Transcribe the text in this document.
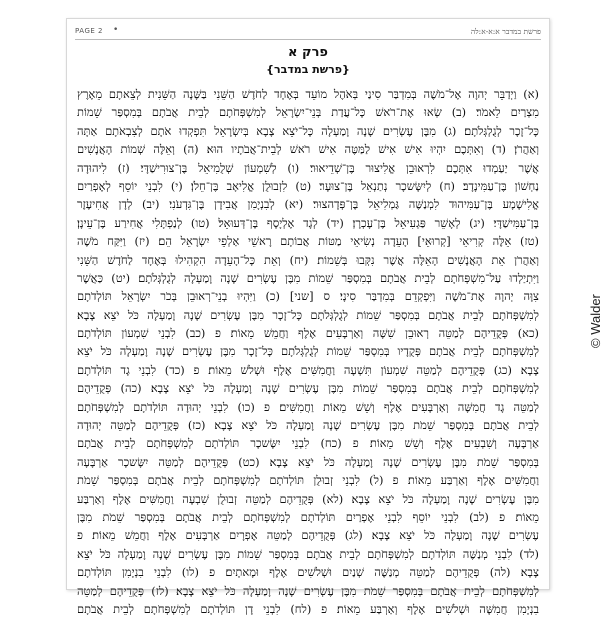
PAGE 2 •	פרשת במדבר א:א-א:לה
פרק א
{פרשת במדבר}
(א) וַיְדַבֵּר יְהוָה אֶל־מֹשֶׁה בְּמִדְבַּר סִינַי בְּאֹהֶל מוֹעֵד בְּאֶחָד לַחֹדֶשׁ הַשֵּׁנִי בַּשָּׁנָה הַשֵּׁנִית לְצֵאתָם מֵאֶרֶץ
מִצְרַיִם לֵאמֹר׃ (ב) שְׂאוּ אֶת־רֹאשׁ כָּל־עֲדַת בְּנֵי־יִשְׂרָאֵל לְמִשְׁפְּחֹתָם לְבֵית אֲבֹתָם בְּמִסְפַּר שֵׁמוֹת
כָּל־זָכָר לְגֻלְגְּלֹתָם׃ (ג) מִבֶּן עֶשְׂרִים שָׁנָה וָמַעְלָה כָּל־יֹצֵא צָבָא בְּיִשְׂרָאֵל תִּפְקְדוּ אֹתָם לְצִבְאֹתָם אַתָּה
וְאַהֲרֹן׃ (ד) וְאִתְּכֶם יִהְיוּ אִישׁ אִישׁ לַמַּטֶּה אִישׁ רֹאשׁ לְבֵית־אֲבֹתָיו הוּא׃ (ה) וְאֵלֶּה שְׁמוֹת הָאֲנָשִׁים
אֲשֶׁר יַעַמְדוּ אִתְּכֶם לִרְאוּבֵן אֱלִיצוּר בֶּן־שְׁדֵיאוּר׃ (ו) לְשִׁמְעוֹן שְׁלֻמִיאֵל בֶּן־צוּרִישַׁדָּי׃ (ז) לִיהוּדָה
נַחְשׁוֹן בֶּן־עַמִּינָדָב׃ (ח) לְיִשָּׂשכָר נְתַנְאֵל בֶּן־צוּעָר׃ (ט) לִזְבוּלֻן אֱלִיאָב בֶּן־חֵלֹן׃ (י) לִבְנֵי יוֹסֵף לְאֶפְרַיִם
אֱלִישָׁמָע בֶּן־עַמִּיהוּד לִמְנַשֶּׁה גַּמְלִיאֵל בֶּן־פְּדָהצוּר׃ (יא) לְבִנְיָמִן אֲבִידָן בֶּן־גִּדְעֹנִי׃ (יב) לְדָן אֲחִיעֶזֶר
בֶּן־עַמִּישַׁדָּי׃ (יג) לְאָשֵׁר פַּגְעִיאֵל בֶּן־עָכְרָן׃ (יד) לְגָד אֶלְיָסָף בֶּן־דְּעוּאֵל׃ (טו) לְנַפְתָּלִי אֲחִירַע בֶּן־עֵינָן׃
(טז) אֵלֶּה קְרִיאֵי [קְרוּאֵי] הָעֵדָה נְשִׂיאֵי מַטּוֹת אֲבוֹתָם רָאשֵׁי אַלְפֵי יִשְׂרָאֵל הֵם׃ (יז) וַיִּקַּח מֹשֶׁה
וְאַהֲרֹן אֵת הָאֲנָשִׁים הָאֵלֶּה אֲשֶׁר נִקְּבוּ בְּשֵׁמוֹת׃ (יח) וְאֵת כָּל־הָעֵדָה הִקְהִילוּ בְּאֶחָד לַחֹדֶשׁ הַשֵּׁנִי
וַיִּתְיַלְדוּ עַל־מִשְׁפְּחֹתָם לְבֵית אֲבֹתָם בְּמִסְפַּר שֵׁמוֹת מִבֶּן עֶשְׂרִים שָׁנָה וָמַעְלָה לְגֻלְגְּלֹתָם׃ (יט) כַּאֲשֶׁר
צִוָּה יְהוָה אֶת־מֹשֶׁה וַיִּפְקְדֵם בְּמִדְבַּר סִינָי׃ ס [שני] (כ) וַיִּהְיוּ בְנֵי־רְאוּבֵן בְּכֹר יִשְׂרָאֵל תּוֹלְדֹתָם
לְמִשְׁפְּחֹתָם לְבֵית אֲבֹתָם בְּמִסְפַּר שֵׁמוֹת לְגֻלְגְּלֹתָם כָּל־זָכָר מִבֶּן עֶשְׂרִים שָׁנָה וָמַעְלָה כֹּל יֹצֵא צָבָא׃
(כא) פְּקֻדֵיהֶם לְמַטֵּה רְאוּבֵן שִׁשָּׁה וְאַרְבָּעִים אֶלֶף וַחֲמֵשׁ מֵאוֹת׃ פ (כב) לִבְנֵי שִׁמְעוֹן תּוֹלְדֹתָם
לְמִשְׁפְּחֹתָם לְבֵית אֲבֹתָם פְּקֻדָיו בְּמִסְפַּר שֵׁמוֹת לְגֻלְגְּלֹתָם כָּל־זָכָר מִבֶּן עֶשְׂרִים שָׁנָה וָמַעְלָה כֹּל יֹצֵא
צָבָא׃ (כג) פְּקֻדֵיהֶם לְמַטֵּה שִׁמְעוֹן תִּשְׁעָה וַחֲמִשִּׁים אֶלֶף וּשְׁלֹשׁ מֵאוֹת׃ פ (כד) לִבְנֵי גָד תּוֹלְדֹתָם
לְמִשְׁפְּחֹתָם לְבֵית אֲבֹתָם בְּמִסְפַּר שֵׁמוֹת מִבֶּן עֶשְׂרִים שָׁנָה וָמַעְלָה כֹּל יֹצֵא צָבָא׃ (כה) פְּקֻדֵיהֶם
לְמַטֵּה גָד חֲמִשָּׁה וְאַרְבָּעִים אֶלֶף וְשֵׁשׁ מֵאוֹת וַחֲמִשִּׁים׃ פ (כו) לִבְנֵי יְהוּדָה תּוֹלְדֹתָם לְמִשְׁפְּחֹתָם
לְבֵית אֲבֹתָם בְּמִסְפַּר שֵׁמֹת מִבֶּן עֶשְׂרִים שָׁנָה וָמַעְלָה כֹּל יֹצֵא צָבָא׃ (כז) פְּקֻדֵיהֶם לְמַטֵּה יְהוּדָה
אַרְבָּעָה וְשִׁבְעִים אֶלֶף וְשֵׁשׁ מֵאוֹת׃ פ (כח) לִבְנֵי יִשָּׂשכָר תּוֹלְדֹתָם לְמִשְׁפְּחֹתָם לְבֵית אֲבֹתָם
בְּמִסְפַּר שֵׁמֹת מִבֶּן עֶשְׂרִים שָׁנָה וָמַעְלָה כֹּל יֹצֵא צָבָא׃ (כט) פְּקֻדֵיהֶם לְמַטֵּה יִשָּׂשכָר אַרְבָּעָה
וַחֲמִשִּׁים אֶלֶף וְאַרְבַּע מֵאוֹת׃ פ (ל) לִבְנֵי זְבוּלֻן תּוֹלְדֹתָם לְמִשְׁפְּחֹתָם לְבֵית אֲבֹתָם בְּמִסְפַּר שֵׁמֹת
מִבֶּן עֶשְׂרִים שָׁנָה וָמַעְלָה כֹּל יֹצֵא צָבָא׃ (לא) פְּקֻדֵיהֶם לְמַטֵּה זְבוּלֻן שִׁבְעָה וַחֲמִשִּׁים אֶלֶף וְאַרְבַּע
מֵאוֹת׃ פ (לב) לִבְנֵי יוֹסֵף לִבְנֵי אֶפְרַיִם תּוֹלְדֹתָם לְמִשְׁפְּחֹתָם לְבֵית אֲבֹתָם בְּמִסְפַּר שֵׁמֹת מִבֶּן
עֶשְׂרִים שָׁנָה וָמַעְלָה כֹּל יֹצֵא צָבָא׃ (לג) פְּקֻדֵיהֶם לְמַטֵּה אֶפְרָיִם אַרְבָּעִים אֶלֶף וַחֲמֵשׁ מֵאוֹת׃ פ
(לד) לִבְנֵי מְנַשֶּׁה תּוֹלְדֹתָם לְמִשְׁפְּחֹתָם לְבֵית אֲבֹתָם בְּמִסְפַּר שֵׁמוֹת מִבֶּן עֶשְׂרִים שָׁנָה וָמַעְלָה כֹּל יֹצֵא
צָבָא׃ (לה) פְּקֻדֵיהֶם לְמַטֵּה מְנַשֶּׁה שְׁנַיִם וּשְׁלֹשִׁים אֶלֶף וּמָאתָיִם׃ פ (לו) לִבְנֵי בִנְיָמִן תּוֹלְדֹתָם
לְמִשְׁפְּחֹתָם לְבֵית אֲבֹתָם בְּמִסְפַּר שֵׁמֹת מִבֶּן עֶשְׂרִים שָׁנָה וָמַעְלָה כֹּל יֹצֵא צָבָא׃ (לז) פְּקֻדֵיהֶם לְמַטֵּה
בִנְיָמִן חֲמִשָּׁה וּשְׁלֹשִׁים אֶלֶף וְאַרְבַּע מֵאוֹת׃ פ (לח) לִבְנֵי דָן תּוֹלְדֹתָם לְמִשְׁפְּחֹתָם לְבֵית אֲבֹתָם
© Walder
